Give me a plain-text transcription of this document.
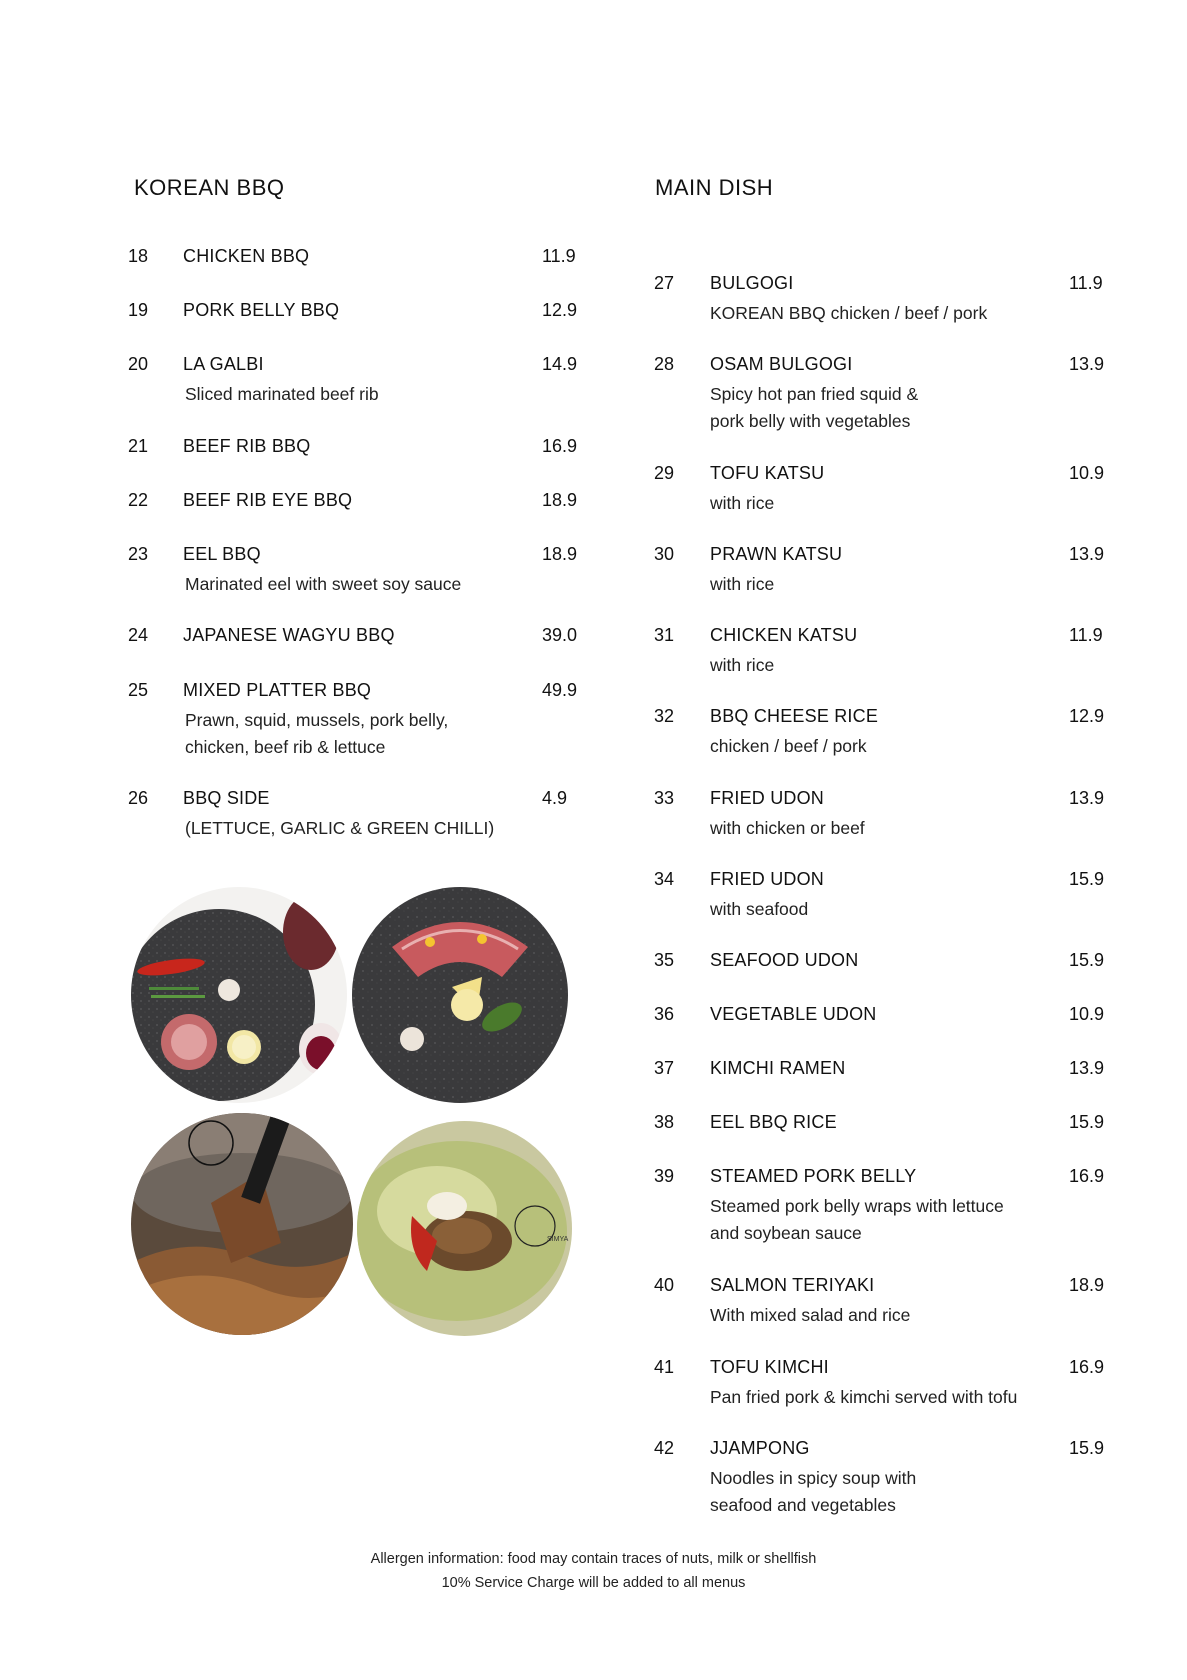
KOREAN BBQ	MAIN DISH
18 CHICKEN BBQ	11.9
19 PORK BELLY BBQ	12.9
20 LA GALBI	14.9
Sliced marinated beef rib
21 BEEF RIB BBQ	16.9
22 BEEF RIB EYE BBQ	18.9
23 EEL BBQ	18.9
Marinated eel with sweet soy sauce
24 JAPANESE WAGYU BBQ	39.0
25 MIXED PLATTER BBQ	49.9
Prawn, squid, mussels, pork belly,
chicken, beef rib & lettuce
26 BBQ SIDE	4.9
(LETTUCE, GARLIC & GREEN CHILLI)
27 BULGOGI	11.9
KOREAN BBQ chicken / beef / pork
28 OSAM BULGOGI	13.9
Spicy hot pan fried squid &
pork belly with vegetables
29 TOFU KATSU	10.9
with rice
30 PRAWN KATSU	13.9
with rice
31 CHICKEN KATSU	11.9
with rice
32 BBQ CHEESE RICE	12.9
chicken / beef / pork
33 FRIED UDON	13.9
with chicken or beef
34 FRIED UDON	15.9
with seafood
35 SEAFOOD UDON	15.9
36 VEGETABLE UDON	10.9
37 KIMCHI RAMEN	13.9
38 EEL BBQ RICE	15.9
39 STEAMED PORK BELLY	16.9
Steamed pork belly wraps with lettuce
and soybean sauce
40 SALMON TERIYAKI	18.9
With mixed salad and rice
41 TOFU KIMCHI	16.9
Pan fried pork & kimchi served with tofu
42 JJAMPONG	15.9
Noodles in spicy soup with
seafood and vegetables
SIMYA
Allergen information: food may contain traces of nuts, milk or shellfish
10% Service Charge will be added to all menus
